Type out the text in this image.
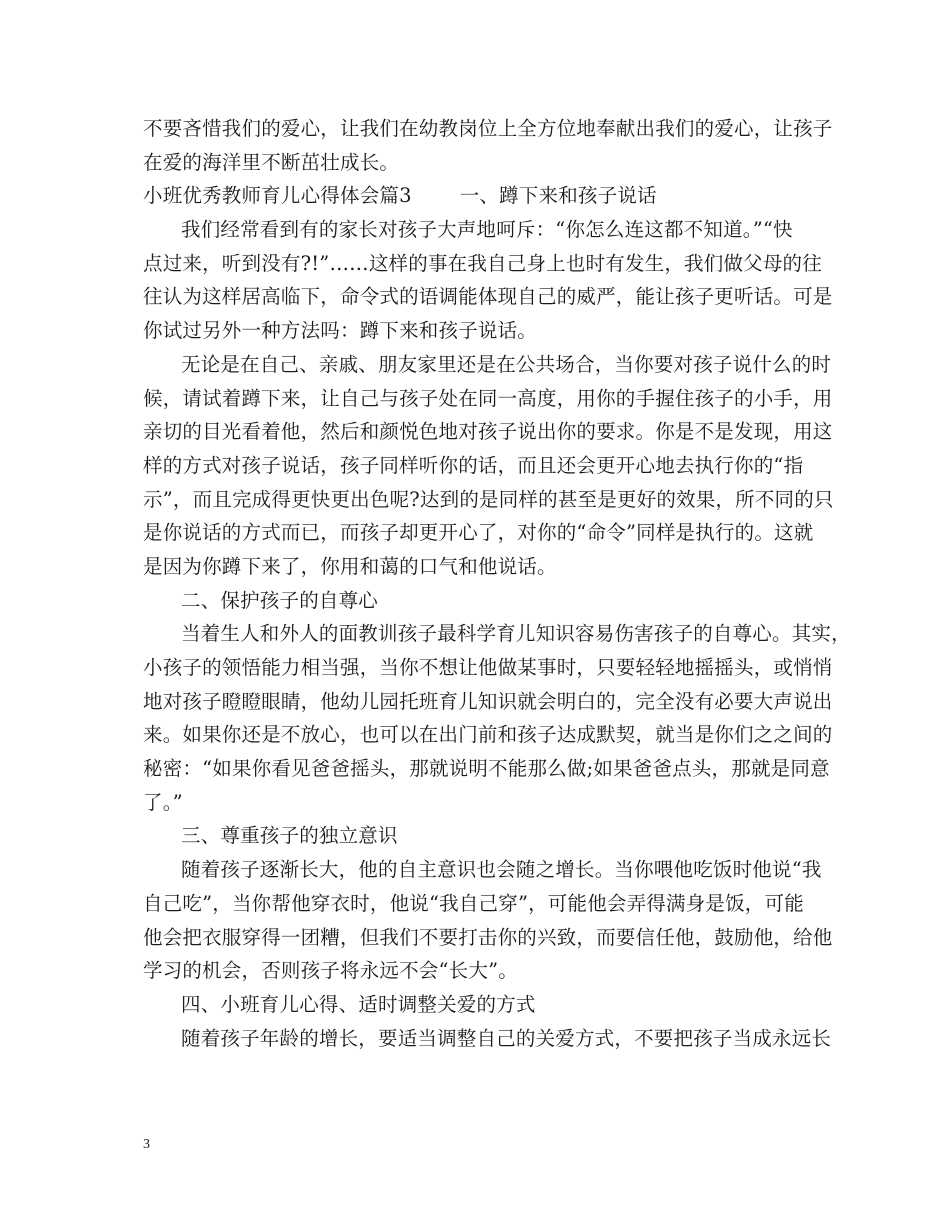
不要吝惜我们的爱心，让我们在幼教岗位上全方位地奉献出我们的爱心，让孩子
在爱的海洋里不断茁壮成长。
小班优秀教师育儿心得体会篇3 一、蹲下来和孩子说话
我们经常看到有的家长对孩子大声地呵斥：“你怎么连这都不知道。”“快
点过来，听到没有?!”……这样的事在我自己身上也时有发生，我们做父母的往
往认为这样居高临下，命令式的语调能体现自己的威严，能让孩子更听话。可是
你试过另外一种方法吗：蹲下来和孩子说话。
无论是在自己、亲戚、朋友家里还是在公共场合，当你要对孩子说什么的时
候，请试着蹲下来，让自己与孩子处在同一高度，用你的手握住孩子的小手，用
亲切的目光看着他，然后和颜悦色地对孩子说出你的要求。你是不是发现，用这
样的方式对孩子说话，孩子同样听你的话，而且还会更开心地去执行你的“指
示”，而且完成得更快更出色呢?达到的是同样的甚至是更好的效果，所不同的只
是你说话的方式而已，而孩子却更开心了，对你的“命令”同样是执行的。这就
是因为你蹲下来了，你用和蔼的口气和他说话。
二、保护孩子的自尊心
当着生人和外人的面教训孩子最科学育儿知识容易伤害孩子的自尊心。其实，
小孩子的领悟能力相当强，当你不想让他做某事时，只要轻轻地摇摇头，或悄悄
地对孩子瞪瞪眼睛，他幼儿园托班育儿知识就会明白的，完全没有必要大声说出
来。如果你还是不放心，也可以在出门前和孩子达成默契，就当是你们之之间的
秘密：“如果你看见爸爸摇头，那就说明不能那么做;如果爸爸点头，那就是同意
了。”
三、尊重孩子的独立意识
随着孩子逐渐长大，他的自主意识也会随之增长。当你喂他吃饭时他说“我
自己吃”，当你帮他穿衣时，他说“我自己穿”，可能他会弄得满身是饭，可能
他会把衣服穿得一团糟，但我们不要打击你的兴致，而要信任他，鼓励他，给他
学习的机会，否则孩子将永远不会“长大”。
四、小班育儿心得、适时调整关爱的方式
随着孩子年龄的增长，要适当调整自己的关爱方式，不要把孩子当成永远长
3
